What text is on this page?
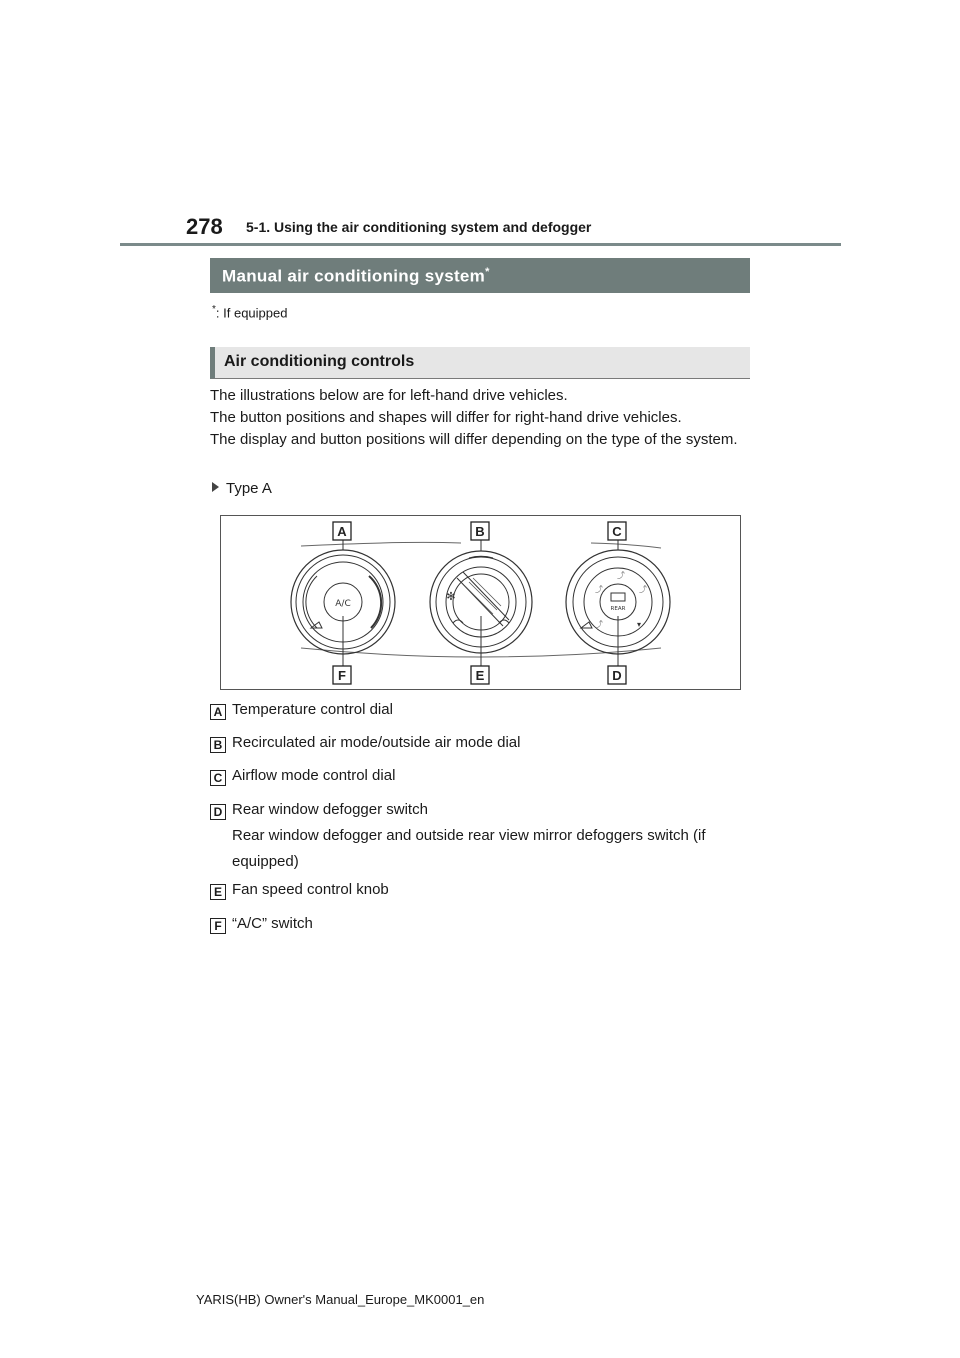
278 5-1. Using the air conditioning system and defogger
Manual air conditioning system*
*: If equipped
Air conditioning controls

The illustrations below are for left-hand drive vehicles.

The button positions and shapes will differ for right-hand drive vehicles.

The display and button positions will differ depending on the type of the system.

Type A
A/C
✻
REAR
⤴
⤴
⤴
⤴	▾
A	B	C
F	E	D
A Temperature control dial
B Recirculated air mode/outside air mode dial
C Airflow mode control dial
D Rear window defogger switch
Rear window defogger and outside rear view mirror defoggers switch (if equipped)
E Fan speed control knob
F “A/C” switch
YARIS(HB) Owner's Manual_Europe_MK0001_en
